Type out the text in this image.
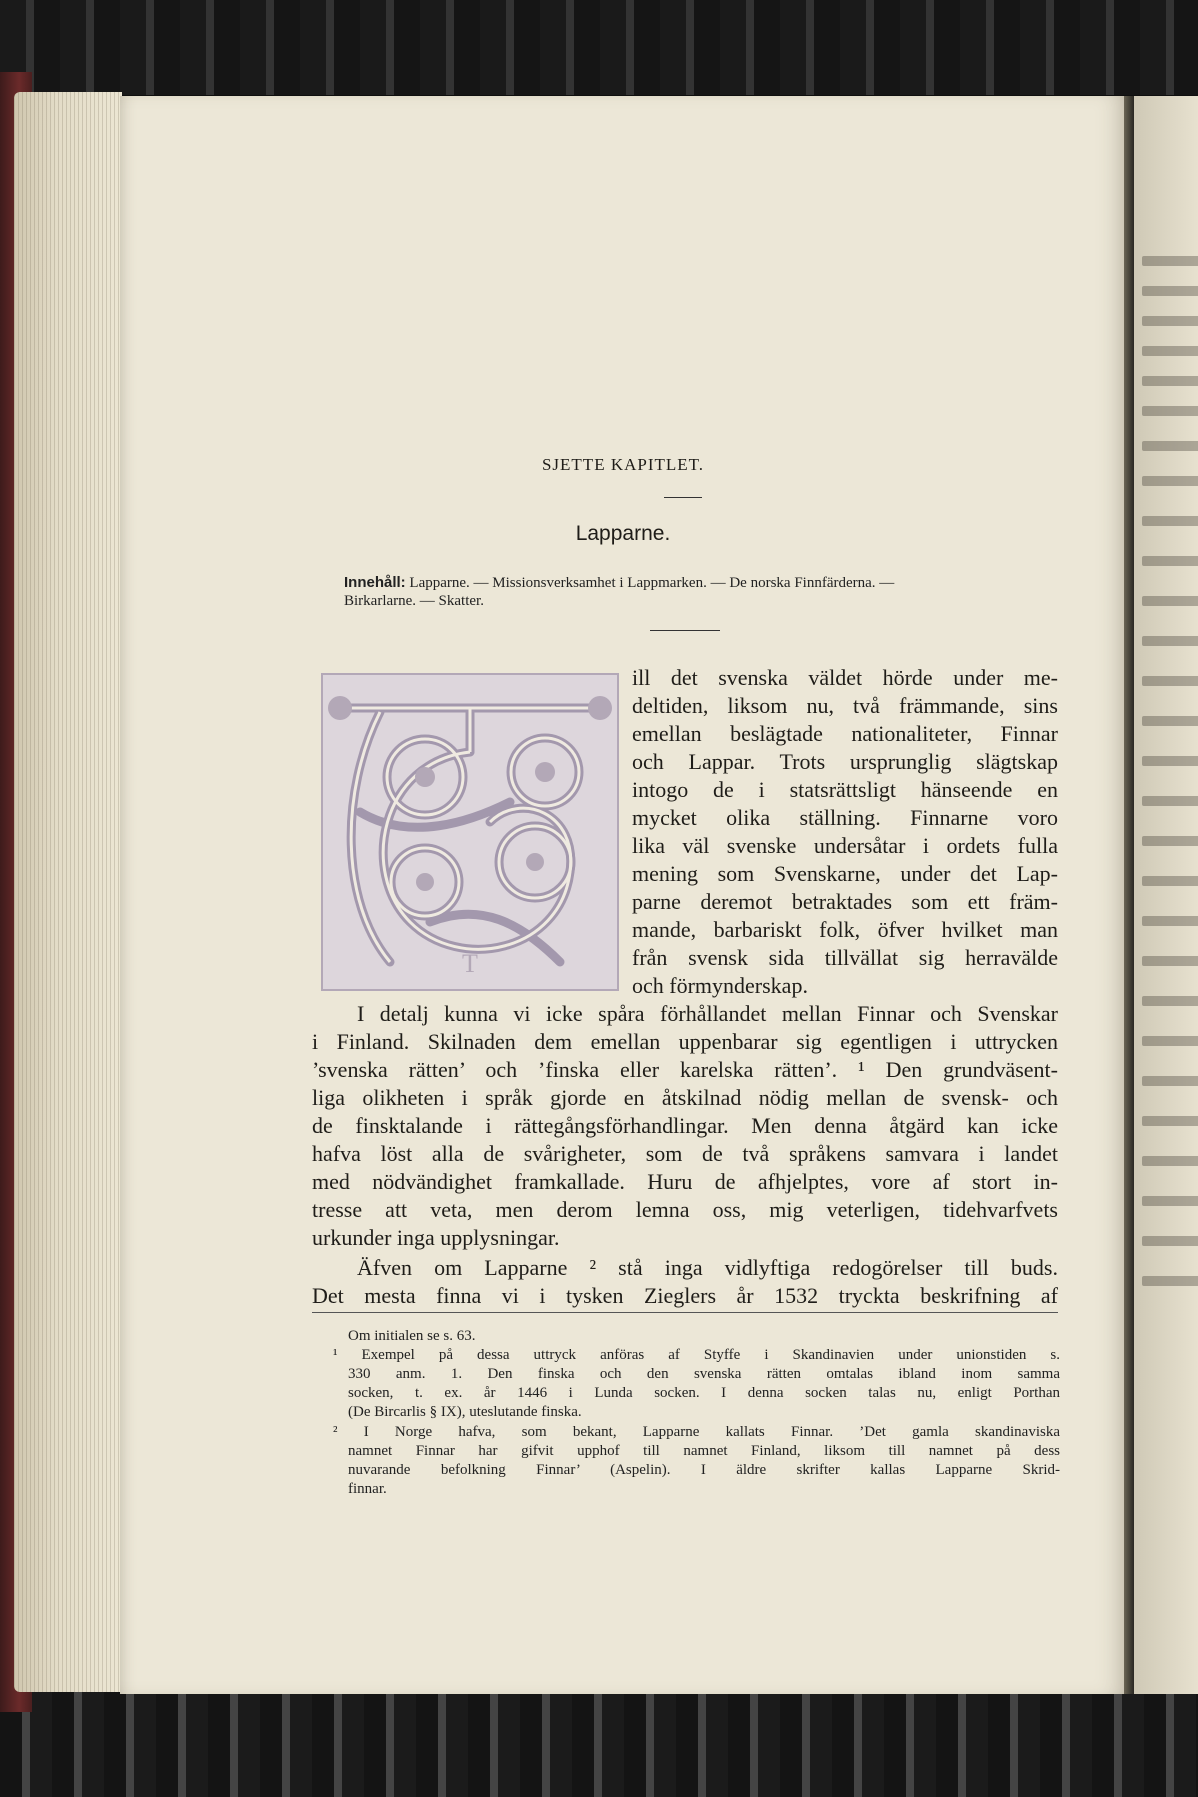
SJETTE KAPITLET.
Lapparne.
Innehåll: Lapparne. — Missionsverksamhet i Lappmarken. — De norska Finnfärderna. —
Birkarlarne. — Skatter.
T
ill det svenska väldet hörde under me-
deltiden, liksom nu, två främmande, sins
emellan beslägtade nationaliteter, Finnar
och Lappar. Trots ursprunglig slägtskap
intogo de i statsrättsligt hänseende en
mycket olika ställning. Finnarne voro
lika väl svenske undersåtar i ordets fulla
mening som Svenskarne, under det Lap-
parne deremot betraktades som ett främ-
mande, barbariskt folk, öfver hvilket man
från svensk sida tillvällat sig herravälde
och förmynderskap.
I detalj kunna vi icke spåra förhållandet mellan Finnar och Svenskar
i Finland. Skilnaden dem emellan uppenbarar sig egentligen i uttrycken
’svenska rätten’ och ’finska eller karelska rätten’. ¹ Den grundväsent-
liga olikheten i språk gjorde en åtskilnad nödig mellan de svensk- och
de finsktalande i rättegångsförhandlingar. Men denna åtgärd kan icke
hafva löst alla de svårigheter, som de två språkens samvara i landet
med nödvändighet framkallade. Huru de afhjelptes, vore af stort in-
tresse att veta, men derom lemna oss, mig veterligen, tidehvarfvets
urkunder inga upplysningar.
Äfven om Lapparne ² stå inga vidlyftiga redogörelser till buds.
Det mesta finna vi i tysken Zieglers år 1532 tryckta beskrifning af
Om initialen se s. 63.
¹ Exempel på dessa uttryck anföras af Styffe i Skandinavien under unionstiden s.
330 anm. 1. Den finska och den svenska rätten omtalas ibland inom samma
socken, t. ex. år 1446 i Lunda socken. I denna socken talas nu, enligt Porthan
(De Bircarlis § IX), uteslutande finska.
² I Norge hafva, som bekant, Lapparne kallats Finnar. ’Det gamla skandinaviska
namnet Finnar har gifvit upphof till namnet Finland, liksom till namnet på dess
nuvarande befolkning Finnar’ (Aspelin). I äldre skrifter kallas Lapparne Skrid-
finnar.
